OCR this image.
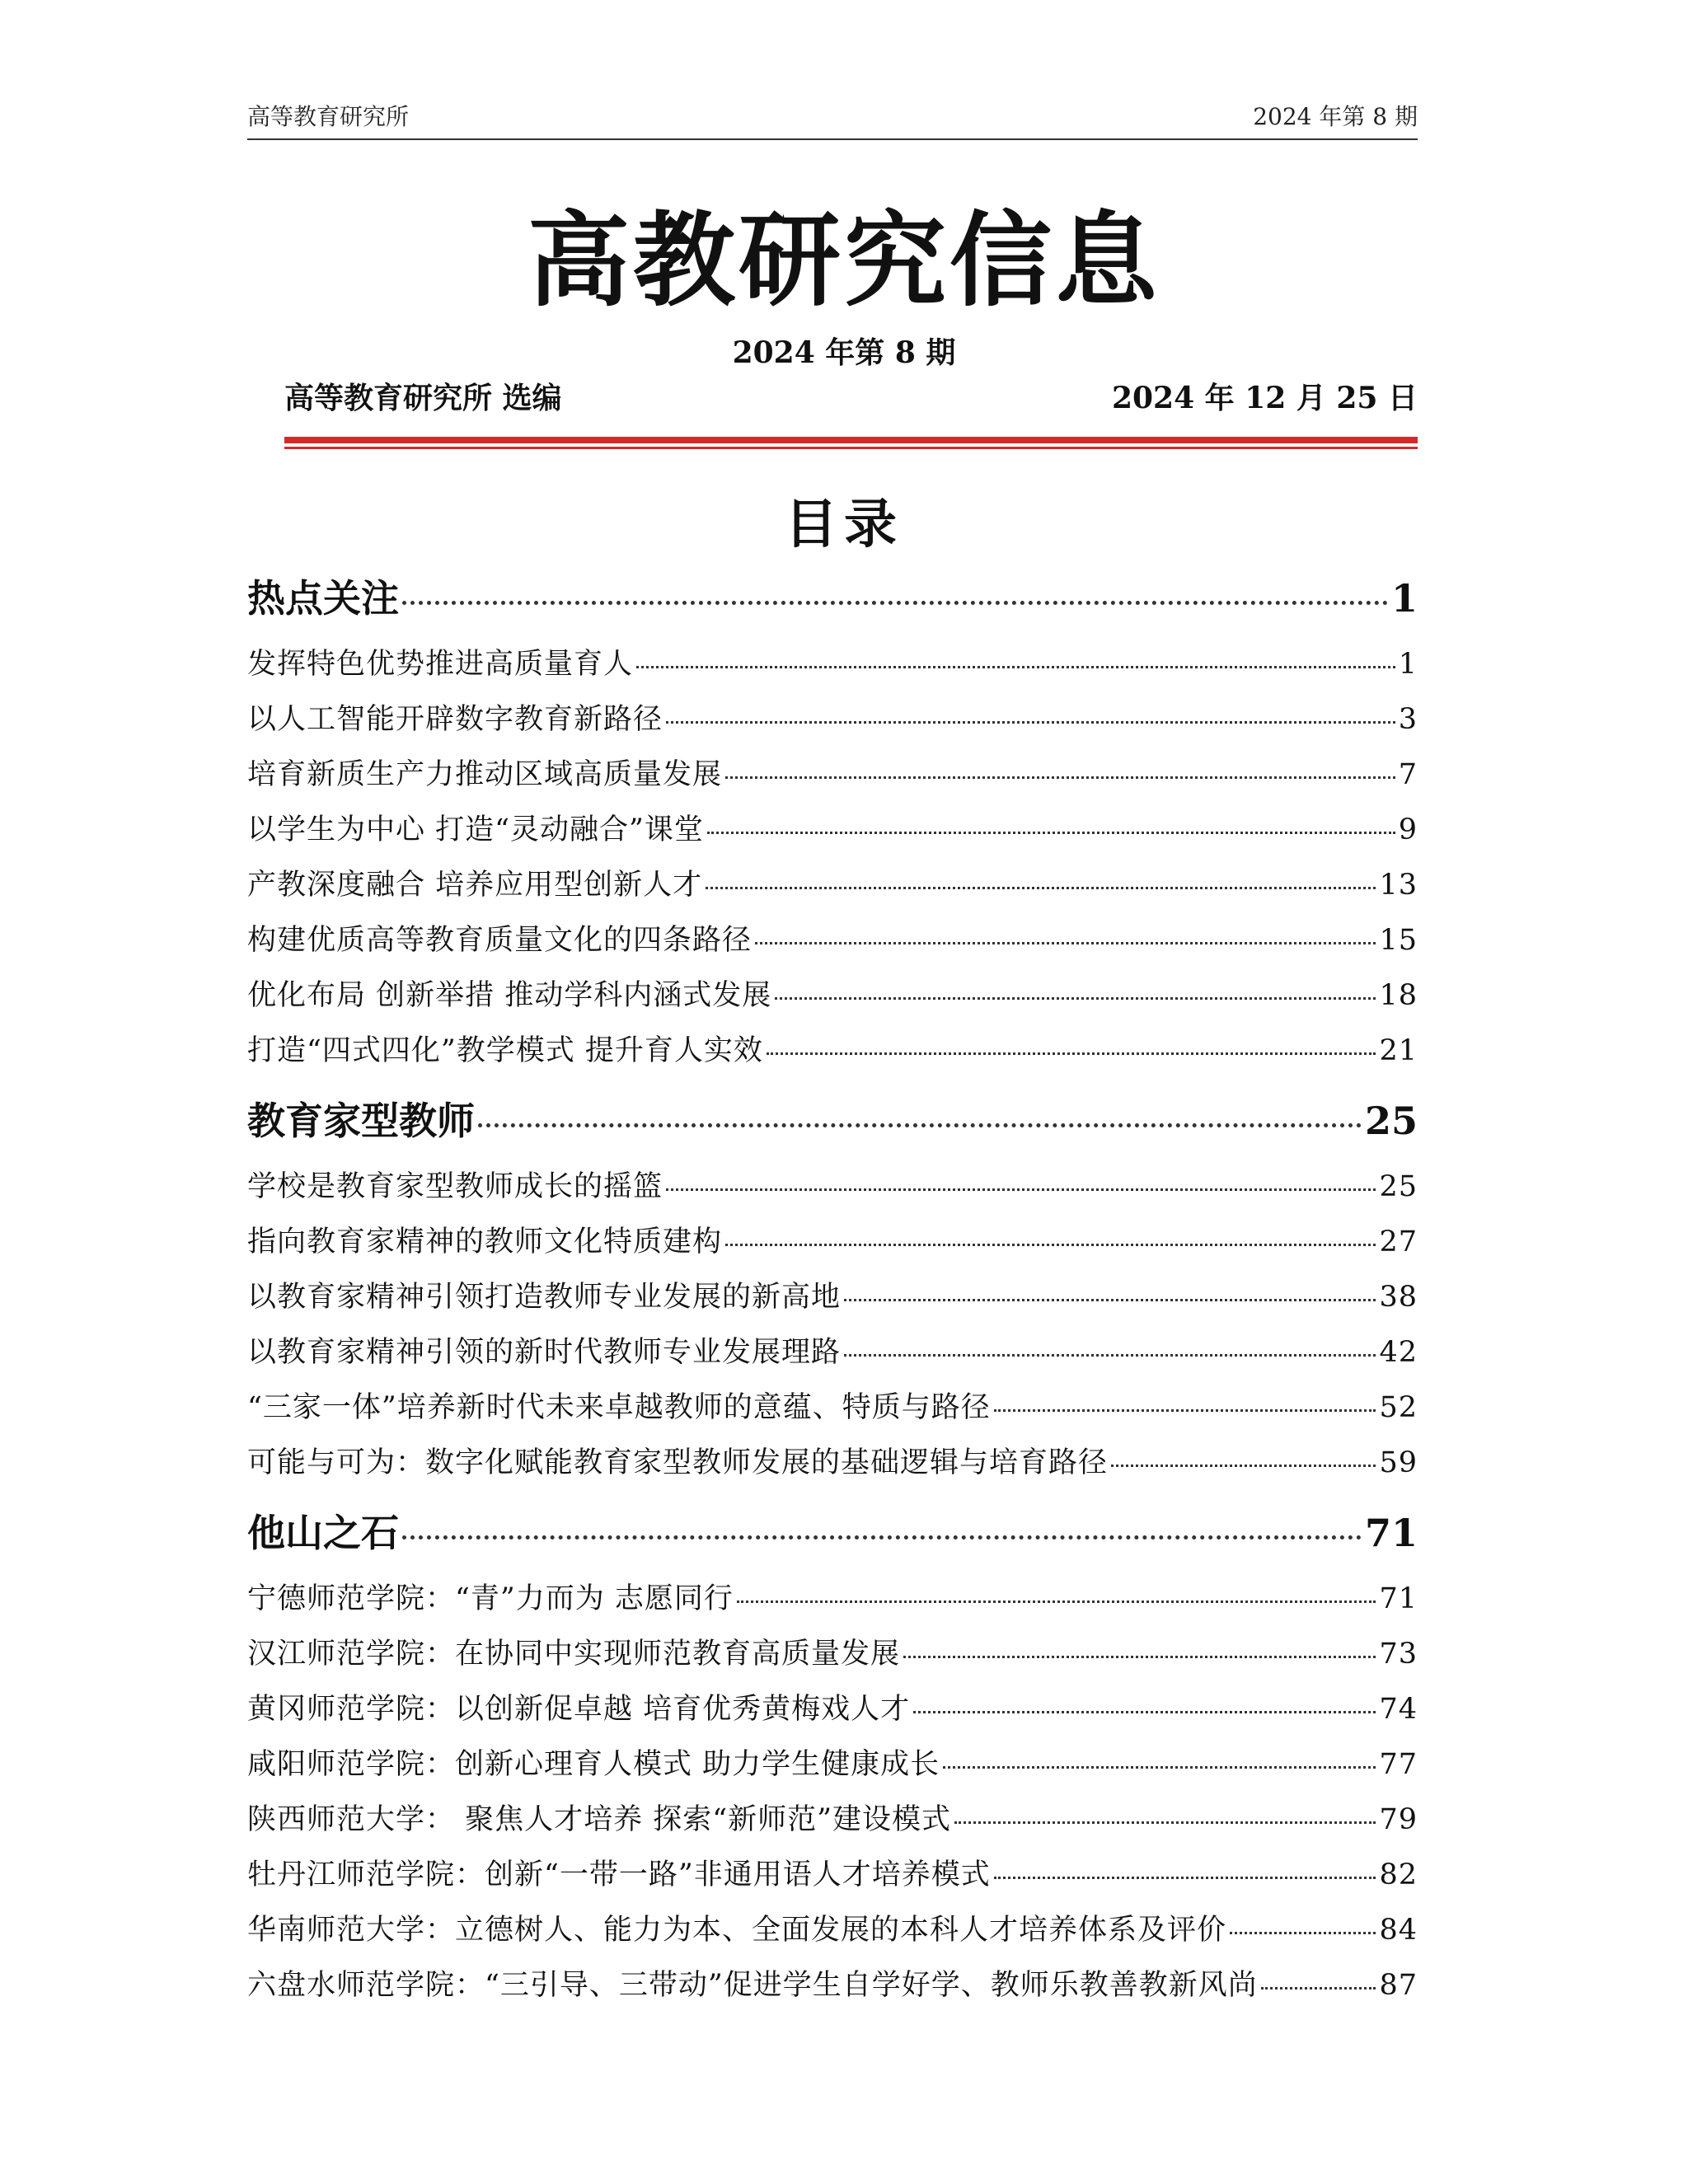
高等教育研究所	2024 年第 8 期
高教研究信息
2024 年第 8 期
高等教育研究所 选编	2024 年 12 月 25 日
目录
热点关注	1
发挥特色优势推进高质量育人	1
以人工智能开辟数字教育新路径	3
培育新质生产力推动区域高质量发展	7
以学生为中心 打造“灵动融合”课堂	9
产教深度融合 培养应用型创新人才	13
构建优质高等教育质量文化的四条路径	15
优化布局 创新举措 推动学科内涵式发展	18
打造“四式四化”教学模式 提升育人实效	21
教育家型教师	25
学校是教育家型教师成长的摇篮	25
指向教育家精神的教师文化特质建构	27
以教育家精神引领打造教师专业发展的新高地	38
以教育家精神引领的新时代教师专业发展理路	42
“三家一体”培养新时代未来卓越教师的意蕴、特质与路径	52
可能与可为：数字化赋能教育家型教师发展的基础逻辑与培育路径	59
他山之石	71
宁德师范学院：“青”力而为 志愿同行	71
汉江师范学院：在协同中实现师范教育高质量发展	73
黄冈师范学院：以创新促卓越 培育优秀黄梅戏人才	74
咸阳师范学院：创新心理育人模式 助力学生健康成长	77
陕西师范大学： 聚焦人才培养 探索“新师范”建设模式	79
牡丹江师范学院：创新“一带一路”非通用语人才培养模式	82
华南师范大学：立德树人、能力为本、全面发展的本科人才培养体系及评价	84
六盘水师范学院：“三引导、三带动”促进学生自学好学、教师乐教善教新风尚	87
